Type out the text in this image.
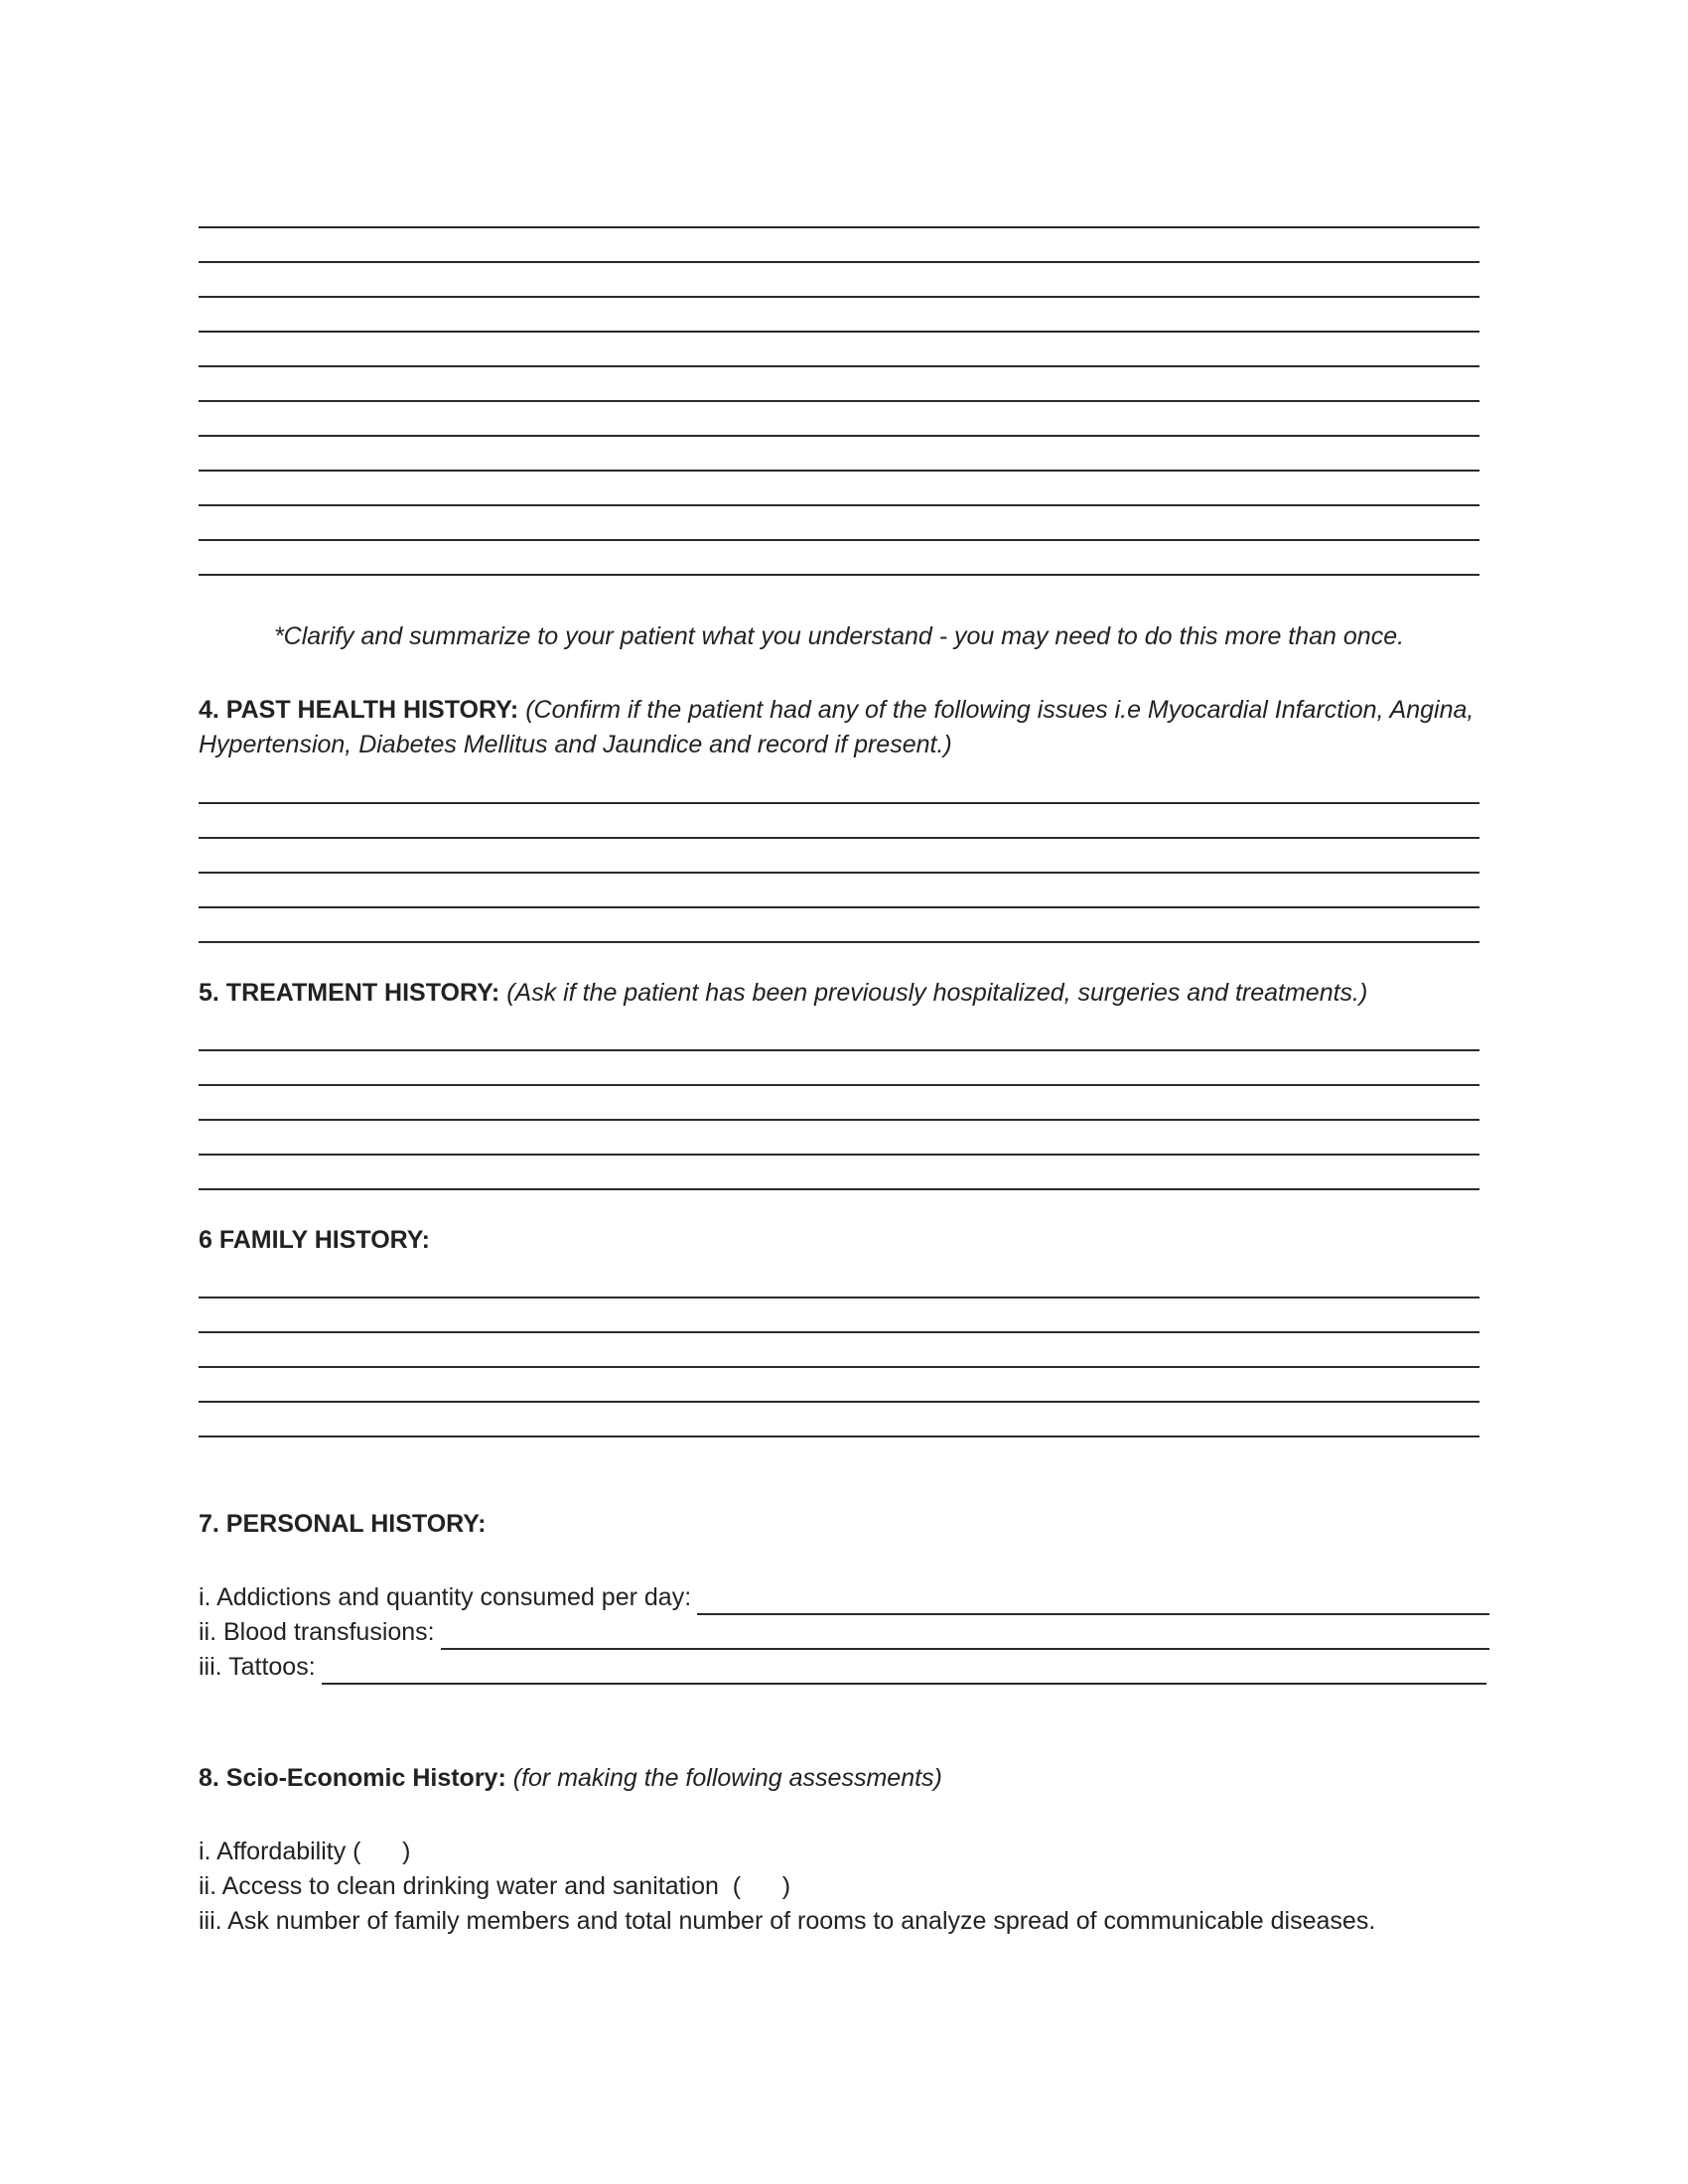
*Clarify and summarize to your patient what you understand - you may need to do this more than once.
4. PAST HEALTH HISTORY: (Confirm if the patient had any of the following issues i.e Myocardial Infarction, Angina, Hypertension, Diabetes Mellitus and Jaundice and record if present.)
5. TREATMENT HISTORY: (Ask if the patient has been previously hospitalized, surgeries and treatments.)
6 FAMILY HISTORY:
7. PERSONAL HISTORY:
i. Addictions and quantity consumed per day:
ii. Blood transfusions:
iii. Tattoos:
8. Scio-Economic History: (for making the following assessments)
i. Affordability (      )
ii. Access to clean drinking water and sanitation  (      )
iii. Ask number of family members and total number of rooms to analyze spread of communicable diseases.
